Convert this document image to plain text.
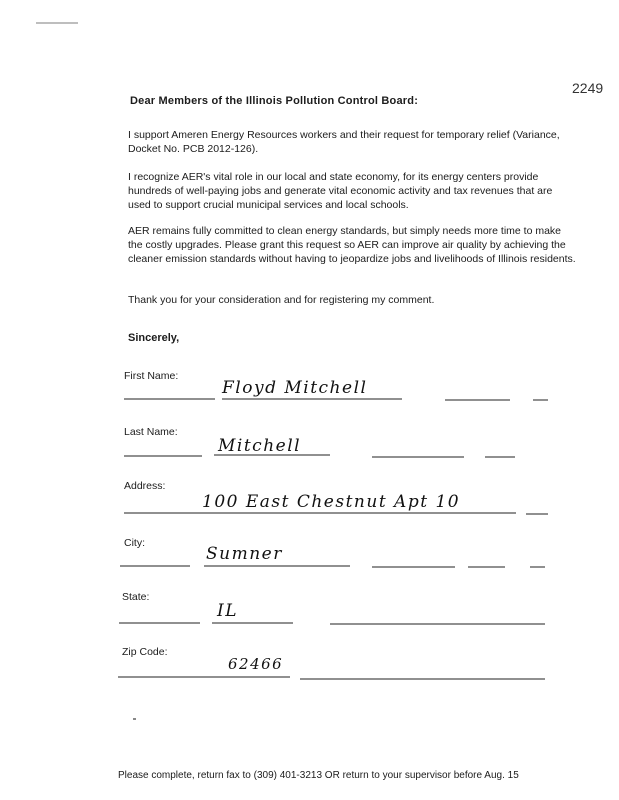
2249
Dear Members of the Illinois Pollution Control Board:
I support Ameren Energy Resources workers and their request for temporary relief (Variance, Docket No. PCB 2012-126).
I recognize AER's vital role in our local and state economy, for its energy centers provide hundreds of well-paying jobs and generate vital economic activity and tax revenues that are used to support crucial municipal services and local schools.
AER remains fully committed to clean energy standards, but simply needs more time to make the costly upgrades. Please grant this request so AER can improve air quality by achieving the cleaner emission standards without having to jeopardize jobs and livelihoods of Illinois residents.
Thank you for your consideration and for registering my comment.
Sincerely,
First Name:
Floyd Mitchell
Last Name:
Mitchell
Address:
100 East Chestnut Apt 10
City:
Sumner
State:
IL
Zip Code:
62466
Please complete, return fax to (309) 401-3213 OR return to your supervisor before Aug. 15
